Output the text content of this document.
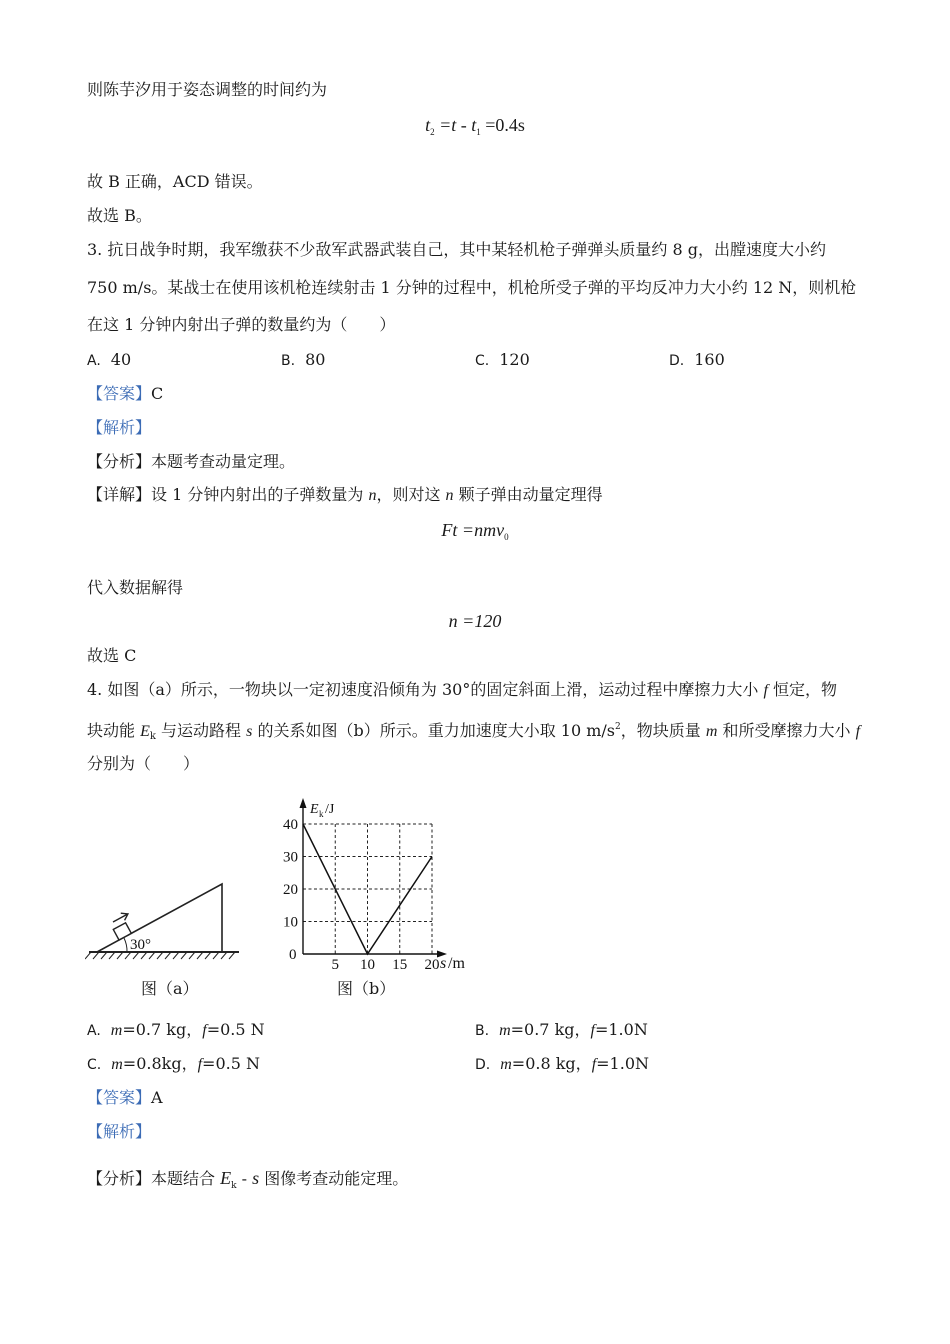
则陈芋汐用于姿态调整的时间约为
$t_2 =t - t_1 =0.4s$
故 B 正确，ACD 错误。
故选 B。
3. 抗日战争时期，我军缴获不少敌军武器武装自己，其中某轻机枪子弹弹头质量约 8 g，出膛速度大小约
750 m/s。某战士在使用该机枪连续射击 1 分钟的过程中，机枪所受子弹的平均反冲力大小约 12 N，则机枪
在这 1 分钟内射出子弹的数量约为（　　）
A. 40	B. 80	C. 120	D. 160
【答案】C
【解析】
【分析】本题考查动量定理。
【详解】设 1 分钟内射出的子弹数量为 n，则对这 n 颗子弹由动量定理得
Ft =nmv$_0$
代入数据解得
n =120
故选 C
4. 如图（a）所示，一物块以一定初速度沿倾角为 30°的固定斜面上滑，运动过程中摩擦力大小 f 恒定，物
块动能 $E_k$ 与运动路程 s 的关系如图（b）所示。重力加速度大小取 10 $m/s^2$，物块质量 m 和所受摩擦力大小 f
分别为（　　）
30°
图（a）
E k /J
0	s /m
40
30
20
10
5 10 15 20
图（b）
A. m=0.7 kg，f=0.5 N	B. m=0.7 kg，f=1.0N
C. m=0.8kg，f=0.5 N	D. m=0.8 kg，f=1.0N
【答案】A
【解析】
【分析】本题结合 $E_k$ - s 图像考查动能定理。
